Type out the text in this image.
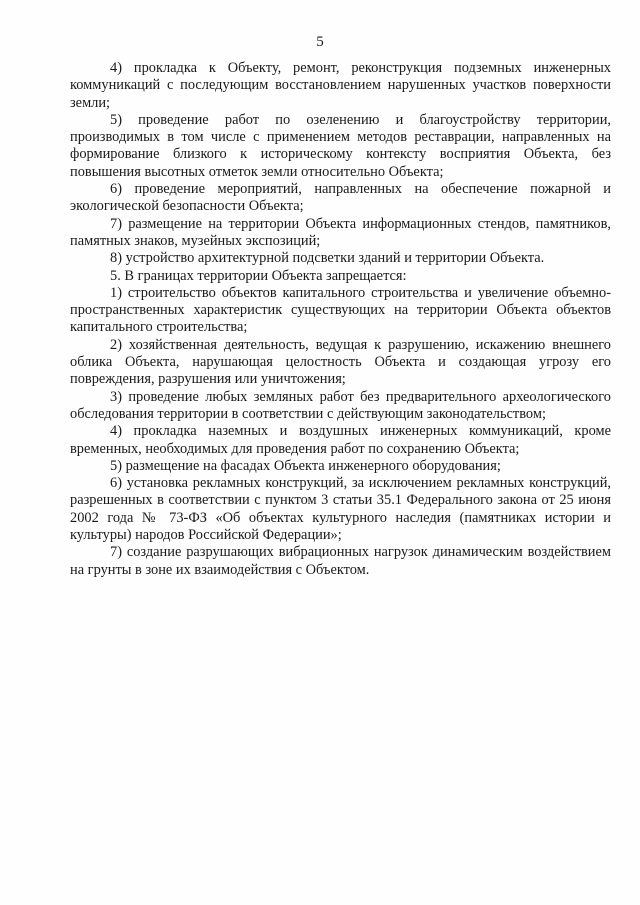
5

4) прокладка к Объекту, ремонт, реконструкция подземных инженерных коммуникаций с последующим восстановлением нарушенных участков поверхности земли;

5) проведение работ по озеленению и благоустройству территории, производимых в том числе с применением методов реставрации, направленных на формирование близкого к историческому контексту восприятия Объекта, без повышения высотных отметок земли относительно Объекта;

6) проведение мероприятий, направленных на обеспечение пожарной и экологической безопасности Объекта;

7) размещение на территории Объекта информационных стендов, памятников, памятных знаков, музейных экспозиций;

8) устройство архитектурной подсветки зданий и территории Объекта.

5. В границах территории Объекта запрещается:

1) строительство объектов капитального строительства и увеличение объемно-пространственных характеристик существующих на территории Объекта объектов капитального строительства;

2) хозяйственная деятельность, ведущая к разрушению, искажению внешнего облика Объекта, нарушающая целостность Объекта и создающая угрозу его повреждения, разрушения или уничтожения;

3) проведение любых земляных работ без предварительного археологического обследования территории в соответствии с действующим законодательством;

4) прокладка наземных и воздушных инженерных коммуникаций, кроме временных, необходимых для проведения работ по сохранению Объекта;

5) размещение на фасадах Объекта инженерного оборудования;

6) установка рекламных конструкций, за исключением рекламных конструкций, разрешенных в соответствии с пунктом 3 статьи 35.1 Федерального закона от 25 июня 2002 года № 73-ФЗ «Об объектах культурного наследия (памятниках истории и культуры) народов Российской Федерации»;

7) создание разрушающих вибрационных нагрузок динамическим воздействием на грунты в зоне их взаимодействия с Объектом.
